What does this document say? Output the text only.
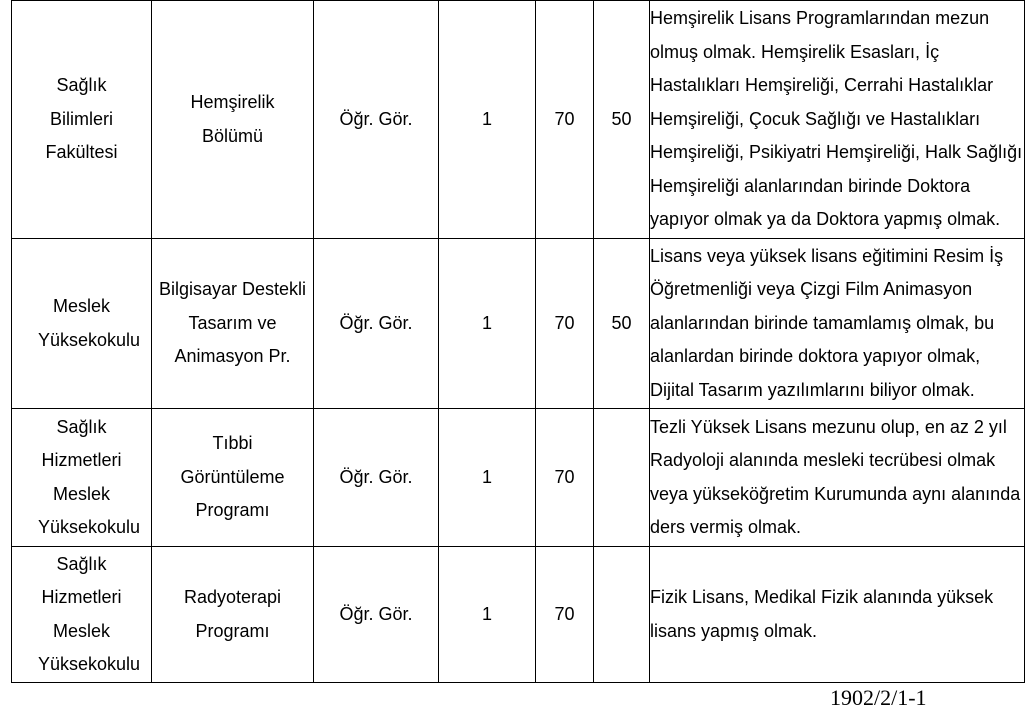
Sağlık Bilimleri Fakültesi	Hemşirelik Bölümü	Öğr. Gör.	1	70	50	Hemşirelik Lisans Programlarından mezun olmuş olmak. Hemşirelik Esasları, İç Hastalıkları Hemşireliği, Cerrahi Hastalıklar Hemşireliği, Çocuk Sağlığı ve Hastalıkları Hemşireliği, Psikiyatri Hemşireliği, Halk Sağlığı Hemşireliği alanlarından birinde Doktora yapıyor olmak ya da Doktora yapmış olmak.
Meslek Yüksekokulu	Bilgisayar Destekli Tasarım ve Animasyon Pr.	Öğr. Gör.	1	70	50	Lisans veya yüksek lisans eğitimini Resim İş Öğretmenliği veya Çizgi Film Animasyon alanlarından birinde tamamlamış olmak, bu alanlardan birinde doktora yapıyor olmak, Dijital Tasarım yazılımlarını biliyor olmak.
Sağlık Hizmetleri Meslek Yüksekokulu	Tıbbi Görüntüleme Programı	Öğr. Gör.	1	70		Tezli Yüksek Lisans mezunu olup, en az 2 yıl Radyoloji alanında mesleki tecrübesi olmak veya yükseköğretim Kurumunda aynı alanında ders vermiş olmak.
Sağlık Hizmetleri Meslek Yüksekokulu	Radyoterapi Programı	Öğr. Gör.	1	70		Fizik Lisans, Medikal Fizik alanında yüksek lisans yapmış olmak.
1902/2/1-1
